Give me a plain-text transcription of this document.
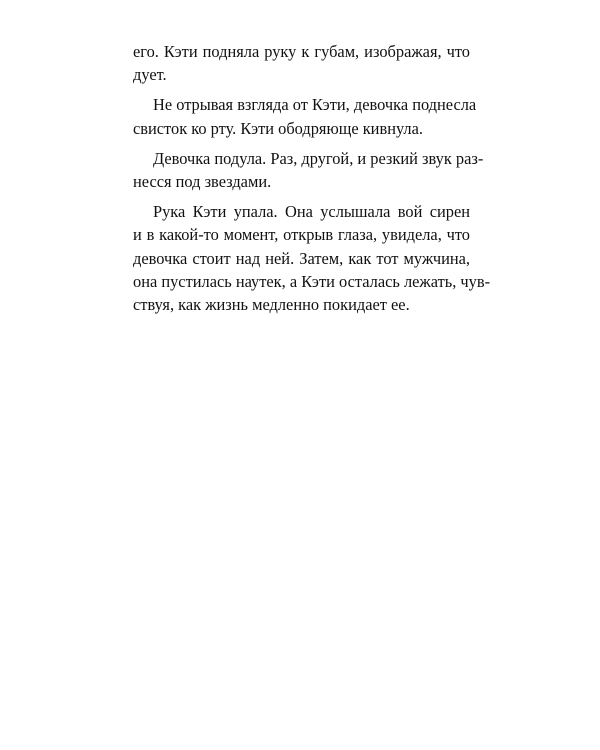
его. Кэти подняла руку к губам, изображая, что
дует.
Не отрывая взгляда от Кэти, девочка поднесла
свисток ко рту. Кэти ободряюще кивнула.
Девочка подула. Раз, другой, и резкий звук раз-
несся под звездами.
Рука Кэти упала. Она услышала вой сирен
и в какой-то момент, открыв глаза, увидела, что
девочка стоит над ней. Затем, как тот мужчина,
она пустилась наутек, а Кэти осталась лежать, чув-
ствуя, как жизнь медленно покидает ее.
